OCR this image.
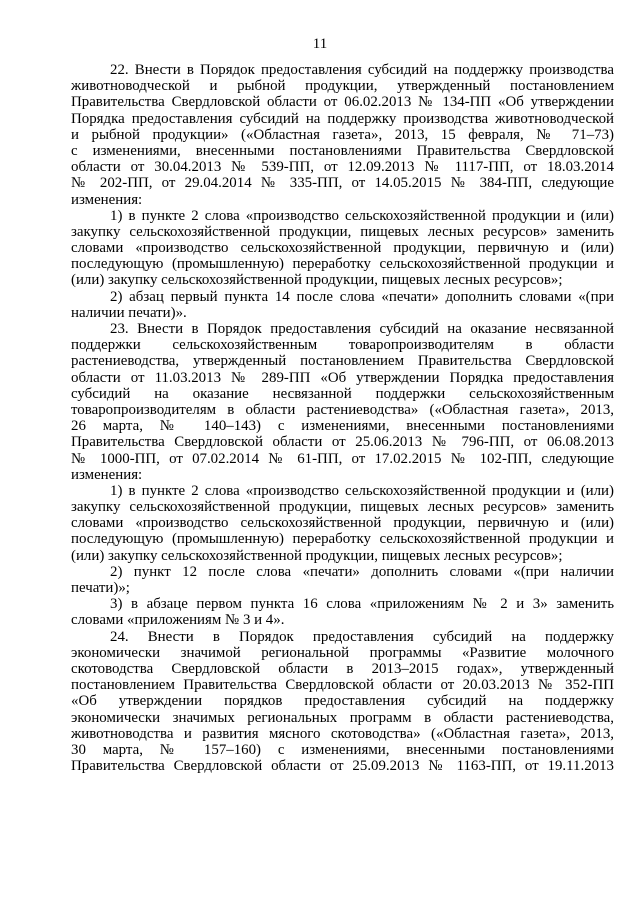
11
22. Внести в Порядок предоставления субсидий на поддержку производства
животноводческой и рыбной продукции, утвержденный постановлением
Правительства Свердловской области от 06.02.2013 № 134-ПП «Об утверждении
Порядка предоставления субсидий на поддержку производства животноводческой
и рыбной продукции» («Областная газета», 2013, 15 февраля, № 71–73)
с изменениями, внесенными постановлениями Правительства Свердловской
области от 30.04.2013 № 539-ПП, от 12.09.2013 № 1117-ПП, от 18.03.2014
№ 202-ПП, от 29.04.2014 № 335-ПП, от 14.05.2015 № 384-ПП, следующие
изменения:
1) в пункте 2 слова «производство сельскохозяйственной продукции и (или)
закупку сельскохозяйственной продукции, пищевых лесных ресурсов» заменить
словами «производство сельскохозяйственной продукции, первичную и (или)
последующую (промышленную) переработку сельскохозяйственной продукции и
(или) закупку сельскохозяйственной продукции, пищевых лесных ресурсов»;
2) абзац первый пункта 14 после слова «печати» дополнить словами «(при
наличии печати)».
23. Внести в Порядок предоставления субсидий на оказание несвязанной
поддержки сельскохозяйственным товаропроизводителям в области
растениеводства, утвержденный постановлением Правительства Свердловской
области от 11.03.2013 № 289-ПП «Об утверждении Порядка предоставления
субсидий на оказание несвязанной поддержки сельскохозяйственным
товаропроизводителям в области растениеводства» («Областная газета», 2013,
26 марта, № 140–143) с изменениями, внесенными постановлениями
Правительства Свердловской области от 25.06.2013 № 796-ПП, от 06.08.2013
№ 1000-ПП, от 07.02.2014 № 61-ПП, от 17.02.2015 № 102-ПП, следующие
изменения:
1) в пункте 2 слова «производство сельскохозяйственной продукции и (или)
закупку сельскохозяйственной продукции, пищевых лесных ресурсов» заменить
словами «производство сельскохозяйственной продукции, первичную и (или)
последующую (промышленную) переработку сельскохозяйственной продукции и
(или) закупку сельскохозяйственной продукции, пищевых лесных ресурсов»;
2) пункт 12 после слова «печати» дополнить словами «(при наличии
печати)»;
3) в абзаце первом пункта 16 слова «приложениям № 2 и 3» заменить
словами «приложениям № 3 и 4».
24. Внести в Порядок предоставления субсидий на поддержку
экономически значимой региональной программы «Развитие молочного
скотоводства Свердловской области в 2013–2015 годах», утвержденный
постановлением Правительства Свердловской области от 20.03.2013 № 352-ПП
«Об утверждении порядков предоставления субсидий на поддержку
экономически значимых региональных программ в области растениеводства,
животноводства и развития мясного скотоводства» («Областная газета», 2013,
30 марта, № 157–160) с изменениями, внесенными постановлениями
Правительства Свердловской области от 25.09.2013 № 1163-ПП, от 19.11.2013
